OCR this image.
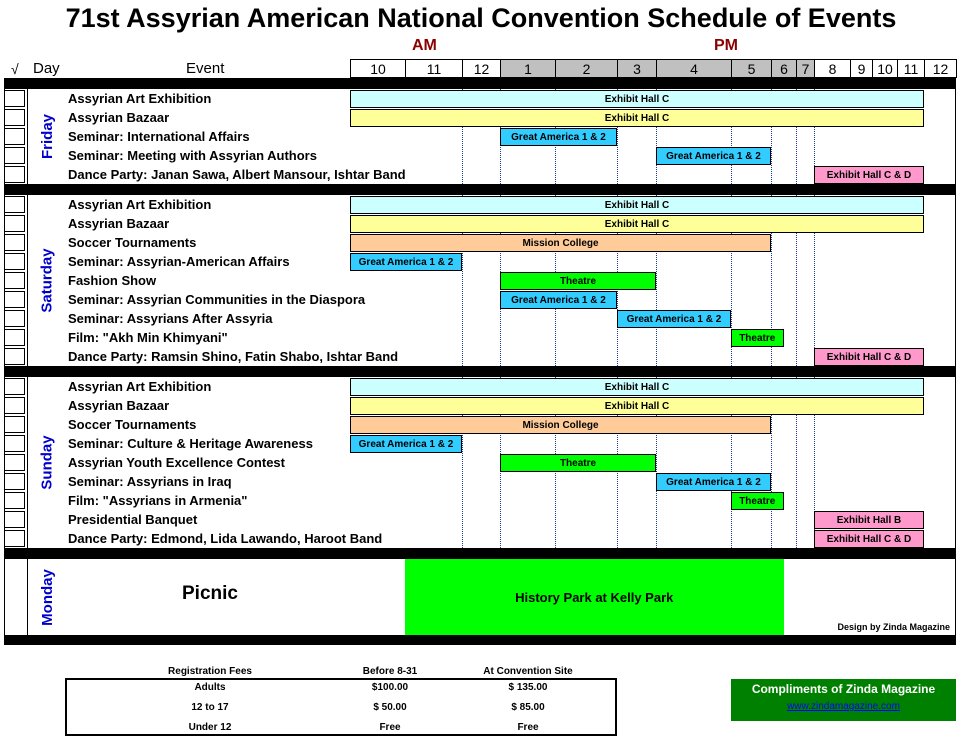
71st Assyrian American National Convention Schedule of Events
AM	PM
√ Day	Event	10	11	12	1	2	3	4	5	6 7	8	9 10 11	12
Friday
Assyrian Art Exhibition	Exhibit Hall C
Assyrian Bazaar	Exhibit Hall C
Seminar: International Affairs	Great America 1 & 2
Seminar: Meeting with Assyrian Authors	Great America 1 & 2
Dance Party: Janan Sawa, Albert Mansour, Ishtar Band	Exhibit Hall C & D
Saturday
Assyrian Art Exhibition	Exhibit Hall C
Assyrian Bazaar	Exhibit Hall C
Soccer Tournaments	Mission College
Seminar: Assyrian-American Affairs	Great America 1 & 2
Fashion Show	Theatre
Seminar: Assyrian Communities in the Diaspora	Great America 1 & 2
Seminar: Assyrians After Assyria	Great America 1 & 2
Film: "Akh Min Khimyani"	Theatre
Dance Party: Ramsin Shino, Fatin Shabo, Ishtar Band	Exhibit Hall C & D
Sunday
Assyrian Art Exhibition	Exhibit Hall C
Assyrian Bazaar	Exhibit Hall C
Soccer Tournaments	Mission College
Seminar: Culture & Heritage Awareness	Great America 1 & 2
Assyrian Youth Excellence Contest	Theatre
Seminar: Assyrians in Iraq	Great America 1 & 2
Film: "Assyrians in Armenia"	Theatre
Presidential Banquet	Exhibit Hall B
Dance Party: Edmond, Lida Lawando, Haroot Band	Exhibit Hall C & D
Monday	Picnic	History Park at Kelly Park
Design by Zinda Magazine
Registration Fees	Before 8-31	At Convention Site
Adults	$100.00	$ 135.00
12 to 17	$ 50.00	$ 85.00
Under 12	Free	Free
Compliments of Zinda Magazine
www.zindamagazine.com
